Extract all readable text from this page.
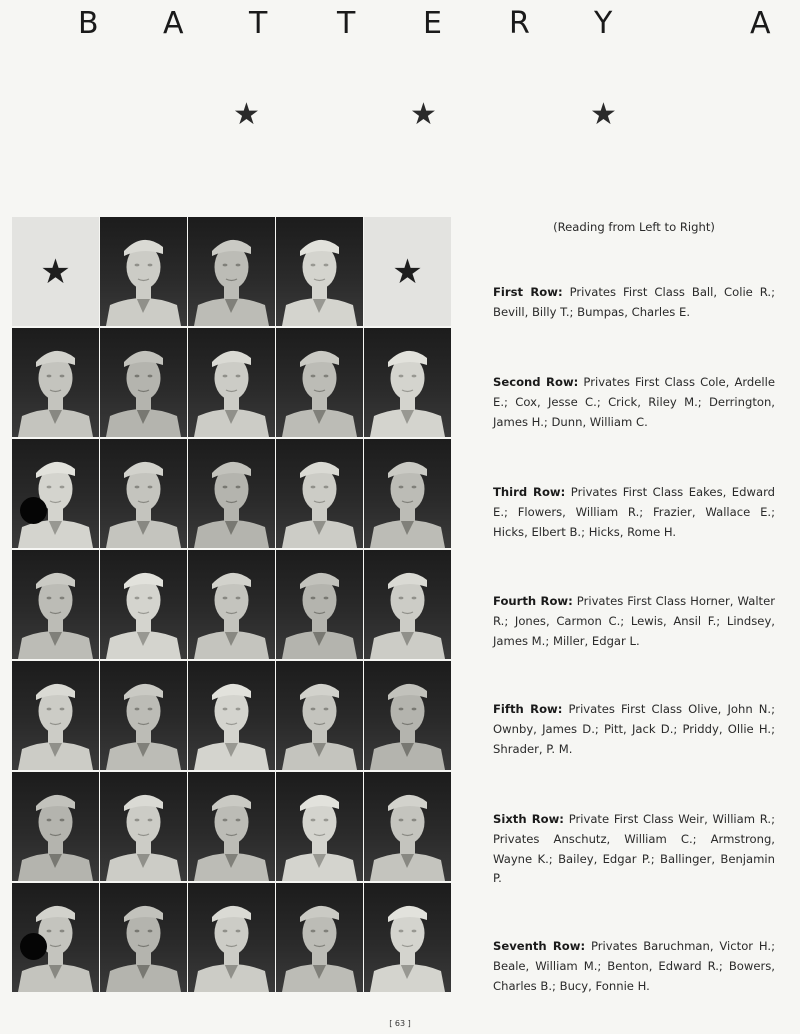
B A T T E R Y	A
★	★	★
★	★
(Reading from Left to Right)
First Row: Privates First Class Ball, Colie R.; Bevill, Billy T.; Bumpas, Charles E.
Second Row: Privates First Class Cole, Ardelle E.; Cox, Jesse C.; Crick, Riley M.; Derrington, James H.; Dunn, William C.
Third Row: Privates First Class Eakes, Edward E.; Flowers, William R.; Frazier, Wallace E.; Hicks, Elbert B.; Hicks, Rome H.
Fourth Row: Privates First Class Horner, Walter R.; Jones, Carmon C.; Lewis, Ansil F.; Lindsey, James M.; Miller, Edgar L.
Fifth Row: Privates First Class Olive, John N.; Ownby, James D.; Pitt, Jack D.; Priddy, Ollie H.; Shrader, P. M.
Sixth Row: Private First Class Weir, William R.; Privates Anschutz, William C.; Armstrong, Wayne K.; Bailey, Edgar P.; Ballinger, Benjamin P.
Seventh Row: Privates Baruchman, Victor H.; Beale, William M.; Benton, Edward R.; Bowers, Charles B.; Bucy, Fonnie H.
[ 63 ]
